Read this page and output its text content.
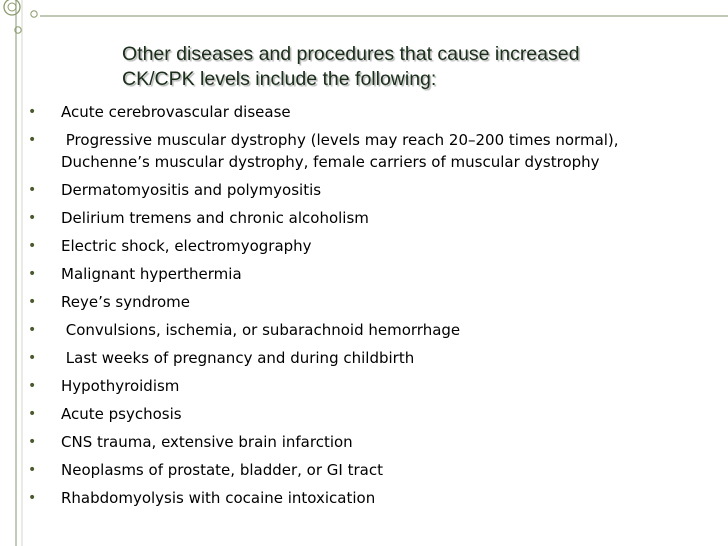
Other diseases and procedures that cause increased
CK/CPK levels include the following:
• Acute cerebrovascular disease
• Progressive muscular dystrophy (levels may reach 20–200 times normal),
Duchenne’s muscular dystrophy, female carriers of muscular dystrophy
• Dermatomyositis and polymyositis
• Delirium tremens and chronic alcoholism
• Electric shock, electromyography
• Malignant hyperthermia
• Reye’s syndrome
• Convulsions, ischemia, or subarachnoid hemorrhage
• Last weeks of pregnancy and during childbirth
• Hypothyroidism
• Acute psychosis
• CNS trauma, extensive brain infarction
• Neoplasms of prostate, bladder, or GI tract
• Rhabdomyolysis with cocaine intoxication
